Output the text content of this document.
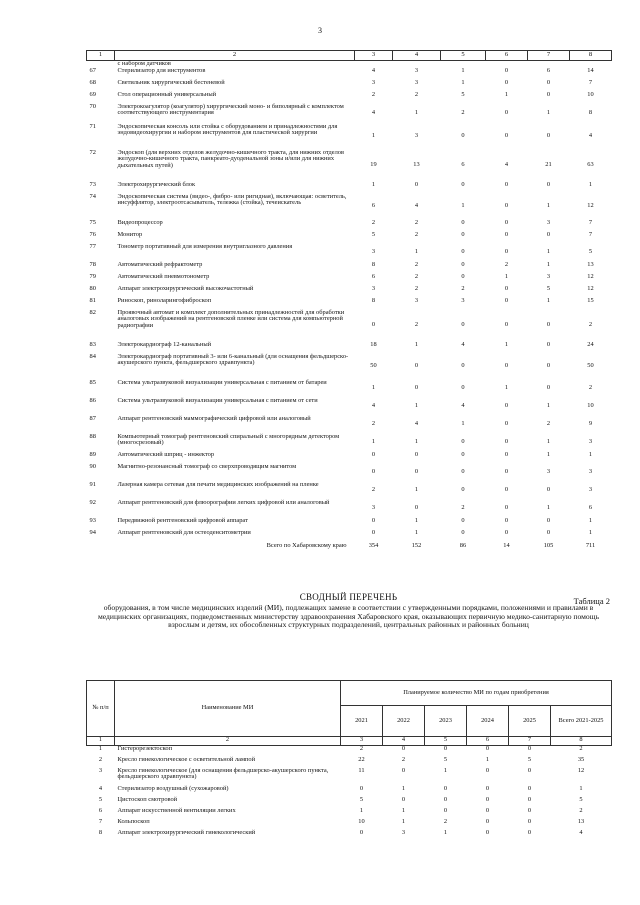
3
1	2	3	4	5	6	7	8
	с набором датчиков						
67	Стерилизатор для инструментов	4	3	1	0	6	14
68	Светильник хирургический бестеневой	3	3	1	0	0	7
69	Стол операционный универсальный	2	2	5	1	0	10
70	Электрокоагулятор (коагулятор) хирургический моно- и биполярный с комплектом соответствующего инструментария	4	1	2	0	1	8
71	Эндоскопическая консоль или стойка с оборудованием и принадлежностями для эндовидеохирургии и набором инструментов для пластической хирургии	1	3	0	0	0	4
72	Эндоскоп (для верхних отделов желудочно-кишечного тракта, для нижних отделов желудочно-кишечного тракта, панкреато-дуоденальной зоны и/или для нижних дыхательных путей)	19	13	6	4	21	63
73	Электрохирургический блок	1	0	0	0	0	1
74	Эндоскопическая система (видео-, фибро- или ригидная), включающая: осветитель, инсуффлятор, электроотсасыватель, тележка (стойка), течеискатель	6	4	1	0	1	12
75	Видеопроцессор	2	2	0	0	3	7
76	Монитор	5	2	0	0	0	7
77	Тонометр портативный для измерения внутриглазного давления	3	1	0	0	1	5
78	Автоматический рефрактометр	8	2	0	2	1	13
79	Автоматический пневмотонометр	6	2	0	1	3	12
80	Аппарат электрохирургический высокочастотный	3	2	2	0	5	12
81	Риноскоп, риноларингофиброскоп	8	3	3	0	1	15
82	Проявочный автомат и комплект дополнительных принадлежностей для обработки аналоговых изображений на рентгеновской пленке или система для компьютерной радиографии	0	2	0	0	0	2
83	Электрокардиограф 12-канальный	18	1	4	1	0	24
84	Электрокардиограф портативный 3- или 6-канальный (для оснащения фельдшерско-акушерского пункта, фельдшерского здравпункта)	50	0	0	0	0	50
85	Система ультразвуковой визуализации универсальная с питанием от батареи	1	0	0	1	0	2
86	Система ультразвуковой визуализации универсальная с питанием от сети	4	1	4	0	1	10
87	Аппарат рентгеновский маммографический цифровой или аналоговый	2	4	1	0	2	9
88	Компьютерный томограф рентгеновский спиральный с многорядным детектором (многосрезовый)	1	1	0	0	1	3
89	Автоматический шприц - инжектор	0	0	0	0	1	1
90	Магнитно-резонансный томограф со сверхпроводящим магнитом	0	0	0	0	3	3
91	Лазерная камера сетевая для печати медицинских изображений на пленке	2	1	0	0	0	3
92	Аппарат рентгеновский для флюорографии легких цифровой или аналоговый	3	0	2	0	1	6
93	Передвижной рентгеновский цифровой аппарат	0	1	0	0	0	1
94	Аппарат рентгеновский для остеоденситометрии	0	1	0	0	0	1
	Всего по Хабаровскому краю	354	152	86	14	105	711
Таблица 2
СВОДНЫЙ ПЕРЕЧЕНЬ
оборудования, в том числе медицинских изделий (МИ), подлежащих замене в соответствии с утвержденными порядками, положениями и правилами в медицинских организациях, подведомственных министерству здравоохранения Хабаровского края, оказывающих первичную медико-санитарную помощь взрослым и детям, их обособленных структурных подразделений, центральных районных и районных больниц
№ п/п	Наименование МИ	Планируемое количество МИ по годам приобретения					
		2021	2022	2023	2024	2025	Всего 2021-2025
1	2	3	4	5	6	7	8
1	Гистерорезектоскоп	2	0	0	0	0	2
2	Кресло гинекологическое с осветительной лампой	22	2	5	1	5	35
3	Кресло гинекологическое (для оснащения фельдшерско-акушерского пункта, фельдшерского здравпункта)	11	0	1	0	0	12
4	Стерилизатор воздушный (сухожаровой)	0	1	0	0	0	1
5	Цистоскоп смотровой	5	0	0	0	0	5
6	Аппарат искусственной вентиляции легких	1	1	0	0	0	2
7	Кольпоскоп	10	1	2	0	0	13
8	Аппарат электрохирургический гинекологический	0	3	1	0	0	4
